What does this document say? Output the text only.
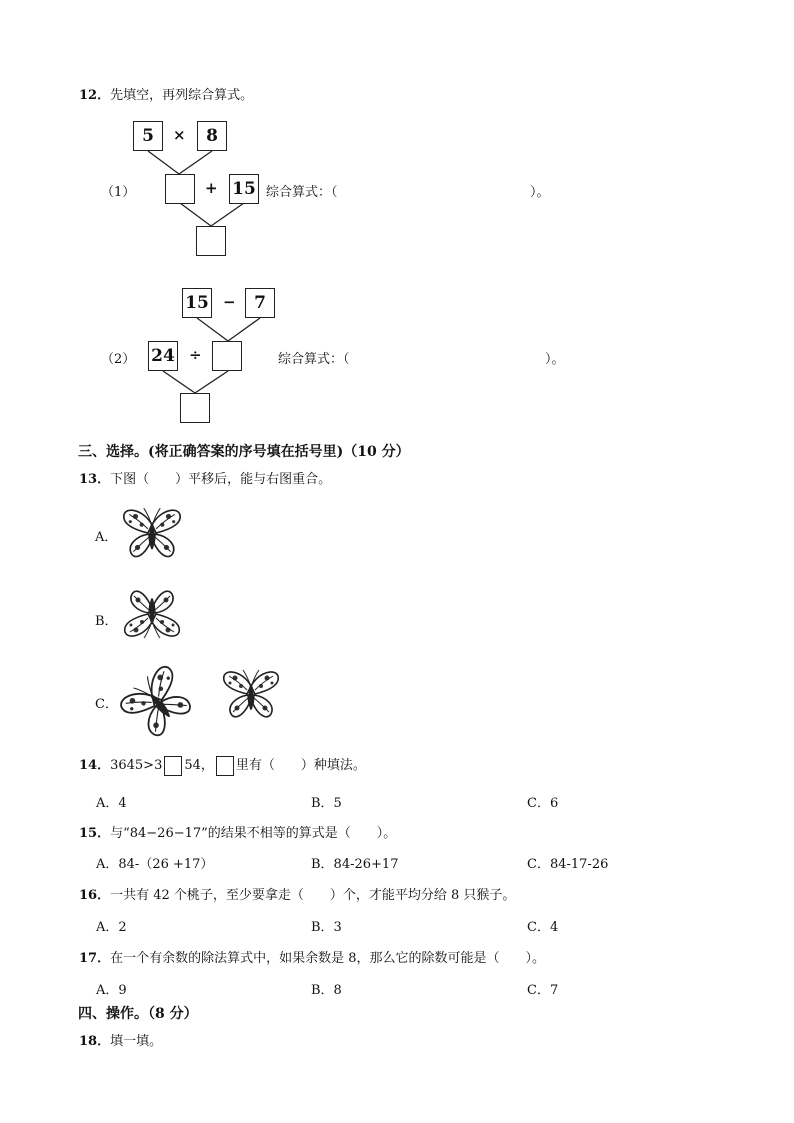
12．先填空，再列综合算式。
5 × 8
（1）	+ 15 综合算式：（	）。
15 − 7
（2） 24 ÷	综合算式：（	）。
三、选择。(将正确答案的序号填在括号里)（10 分）
13．下图（　　）平移后，能与右图重合。
A．
B．
C．
14．3645>3 54， 里有（　　）种填法。
A．4	B．5	C．6
15．与“84−26−17”的结果不相等的算式是（　　）。
A．84-（26 +17）	B．84-26+17	C．84-17-26
16．一共有 42 个桃子，至少要拿走（　　）个，才能平均分给 8 只猴子。
A．2	B．3	C．4
17．在一个有余数的除法算式中，如果余数是 8，那么它的除数可能是（　　）。
A．9	B．8	C．7
四、操作。（8 分）
18．填一填。
